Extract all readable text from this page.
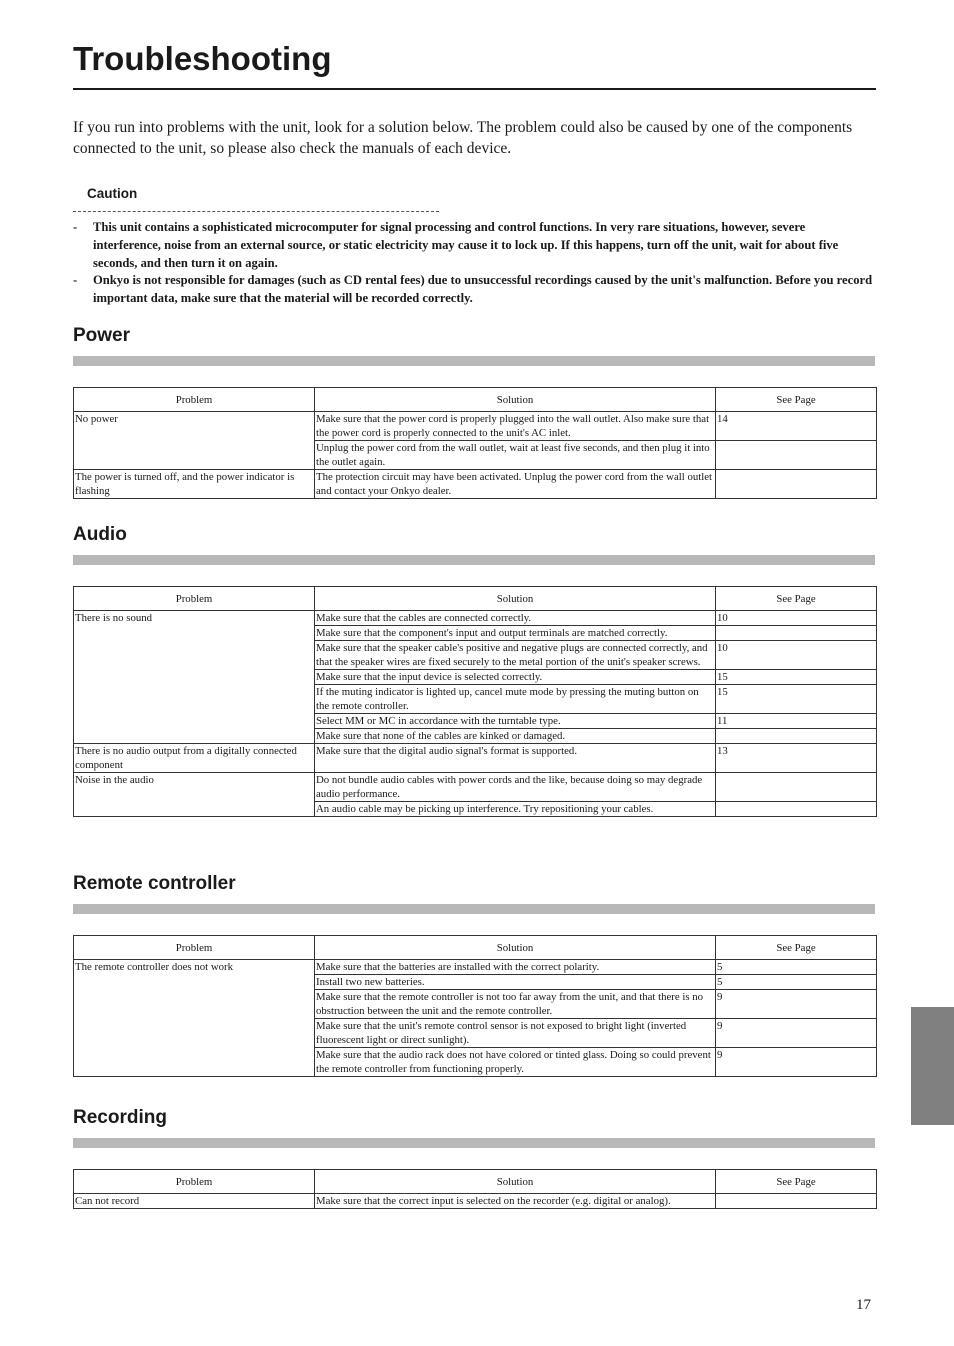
Troubleshooting

If you run into problems with the unit, look for a solution below. The problem could also be caused by one of the components connected to the unit, so please also check the manuals of each device.

Caution
- This unit contains a sophisticated microcomputer for signal processing and control functions. In very rare situations, however, severe interference, noise from an external source, or static electricity may cause it to lock up. If this happens, turn off the unit, wait for about five seconds, and then turn it on again.
- Onkyo is not responsible for damages (such as CD rental fees) due to unsuccessful recordings caused by the unit's malfunction. Before you record important data, make sure that the material will be recorded correctly.
Power
Problem	Solution	See Page
No power	Make sure that the power cord is properly plugged into the wall outlet. Also make sure that the power cord is properly connected to the unit's AC inlet.	14
	Unplug the power cord from the wall outlet, wait at least five seconds, and then plug it into the outlet again.	
The power is turned off, and the power indicator is flashing	The protection circuit may have been activated. Unplug the power cord from the wall outlet and contact your Onkyo dealer.	
Audio
Problem	Solution	See Page
There is no sound	Make sure that the cables are connected correctly.	10
	Make sure that the component's input and output terminals are matched correctly.	
	Make sure that the speaker cable's positive and negative plugs are connected correctly, and that the speaker wires are fixed securely to the metal portion of the unit's speaker screws.	10
	Make sure that the input device is selected correctly.	15
	If the muting indicator is lighted up, cancel mute mode by pressing the muting button on the remote controller.	15
	Select MM or MC in accordance with the turntable type.	11
	Make sure that none of the cables are kinked or damaged.	
There is no audio output from a digitally connected component	Make sure that the digital audio signal's format is supported.	13
Noise in the audio	Do not bundle audio cables with power cords and the like, because doing so may degrade audio performance.	
	An audio cable may be picking up interference. Try repositioning your cables.	
Remote controller
Problem	Solution	See Page
The remote controller does not work	Make sure that the batteries are installed with the correct polarity.	5
	Install two new batteries.	5
	Make sure that the remote controller is not too far away from the unit, and that there is no obstruction between the unit and the remote controller.	9
	Make sure that the unit's remote control sensor is not exposed to bright light (inverted fluorescent light or direct sunlight).	9
	Make sure that the audio rack does not have colored or tinted glass. Doing so could prevent the remote controller from functioning properly.	9
Recording
Problem	Solution	See Page
Can not record	Make sure that the correct input is selected on the recorder (e.g. digital or analog).	
17
